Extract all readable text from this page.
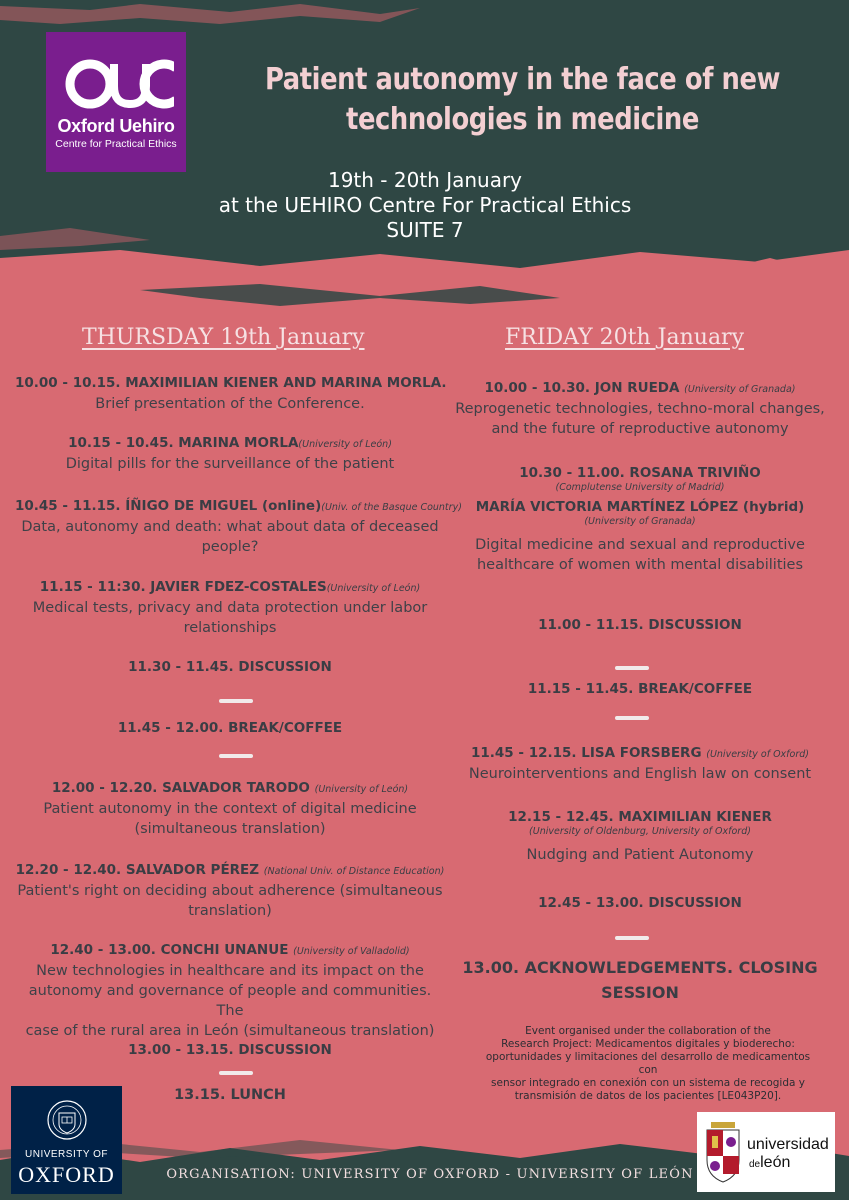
Oxford Uehiro
Centre for Practical Ethics
Patient autonomy in the face of new
technologies in medicine
19th - 20th January
at the UEHIRO Centre For Practical Ethics
SUITE 7
THURSDAY 19th January	FRIDAY 20th January
10.00 - 10.15. MAXIMILIAN KIENER AND MARINA MORLA.
Brief presentation of the Conference.
10.15 - 10.45. MARINA MORLA(University of León)
Digital pills for the surveillance of the patient
10.45 - 11.15. ÍÑIGO DE MIGUEL (online)(Univ. of the Basque Country)
Data, autonomy and death: what about data of deceased
people?
11.15 - 11:30. JAVIER FDEZ-COSTALES(University of León)
Medical tests, privacy and data protection under labor
relationships
11.30 - 11.45. DISCUSSION
11.45 - 12.00. BREAK/COFFEE
12.00 - 12.20. SALVADOR TARODO (University of León)
Patient autonomy in the context of digital medicine
(simultaneous translation)
12.20 - 12.40. SALVADOR PÉREZ (National Univ. of Distance Education)
Patient's right on deciding about adherence (simultaneous
translation)
12.40 - 13.00. CONCHI UNANUE (University of Valladolid)
New technologies in healthcare and its impact on the
autonomy and governance of people and communities. The
case of the rural area in León (simultaneous translation)
13.00 - 13.15. DISCUSSION
13.15. LUNCH
10.00 - 10.30. JON RUEDA (University of Granada)
Reprogenetic technologies, techno-moral changes,
and the future of reproductive autonomy
10.30 - 11.00. ROSANA TRIVIÑO
(Complutense University of Madrid)
MARÍA VICTORIA MARTÍNEZ LÓPEZ (hybrid)
(University of Granada)
Digital medicine and sexual and reproductive
healthcare of women with mental disabilities
11.00 - 11.15. DISCUSSION
11.15 - 11.45. BREAK/COFFEE
11.45 - 12.15. LISA FORSBERG (University of Oxford)
Neurointerventions and English law on consent
12.15 - 12.45. MAXIMILIAN KIENER
(University of Oldenburg, University of Oxford)
Nudging and Patient Autonomy
12.45 - 13.00. DISCUSSION
13.00. ACKNOWLEDGEMENTS. CLOSING
SESSION
Event organised under the collaboration of the
Research Project: Medicamentos digitales y bioderecho:
oportunidades y limitaciones del desarrollo de medicamentos con
sensor integrado en conexión con un sistema de recogida y
transmisión de datos de los pacientes [LE043P20].
UNIVERSITY OF
OXFORD
universidad
deleón
ORGANISATION: UNIVERSITY OF OXFORD - UNIVERSITY OF LEÓN
